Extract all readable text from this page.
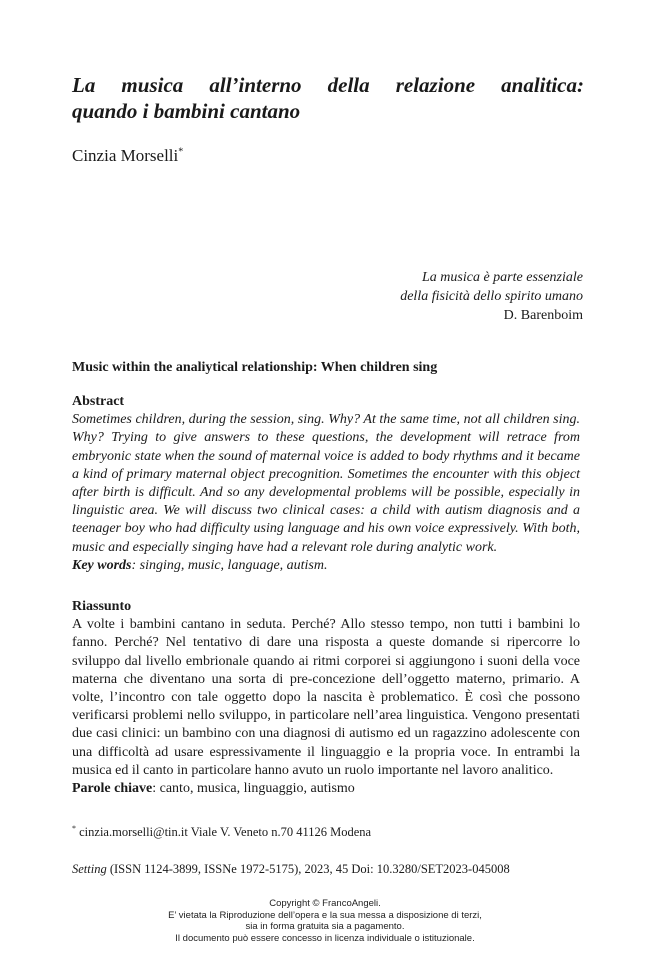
La musica all’interno della relazione analitica:
quando i bambini cantano
Cinzia Morselli*
La musica è parte essenziale
della fisicità dello spirito umano
D. Barenboim
Music within the analiytical relationship: When children sing
Abstract
Sometimes children, during the session, sing. Why? At the same time, not all children sing. Why? Trying to give answers to these questions, the development will retrace from embryonic state when the sound of maternal voice is added to body rhythms and it became a kind of primary maternal object precognition. Sometimes the encounter with this object after birth is difficult. And so any developmental problems will be possible, especially in linguistic area. We will discuss two clinical cases: a child with autism diagnosis and a teenager boy who had difficulty using language and his own voice expressively. With both, music and especially singing have had a relevant role during analytic work.
Key words: singing, music, language, autism.
Riassunto
A volte i bambini cantano in seduta. Perché? Allo stesso tempo, non tutti i bambini lo fanno. Perché? Nel tentativo di dare una risposta a queste domande si ripercorre lo sviluppo dal livello embrionale quando ai ritmi corporei si aggiungono i suoni della voce materna che diventano una sorta di pre-concezione dell’oggetto materno, primario. A volte, l’incontro con tale oggetto dopo la nascita è problematico. È così che possono verificarsi problemi nello sviluppo, in particolare nell’area linguistica. Vengono presentati due casi clinici: un bambino con una diagnosi di autismo ed un ragazzino adolescente con una difficoltà ad usare espressivamente il linguaggio e la propria voce. In entrambi la musica ed il canto in particolare hanno avuto un ruolo importante nel lavoro analitico.
Parole chiave: canto, musica, linguaggio, autismo
* cinzia.morselli@tin.it Viale V. Veneto n.70 41126 Modena
Setting (ISSN 1124-3899, ISSNe 1972-5175), 2023, 45 Doi: 10.3280/SET2023-045008
Copyright © FrancoAngeli.
E’ vietata la Riproduzione dell’opera e la sua messa a disposizione di terzi,
sia in forma gratuita sia a pagamento.
Il documento può essere concesso in licenza individuale o istituzionale.
